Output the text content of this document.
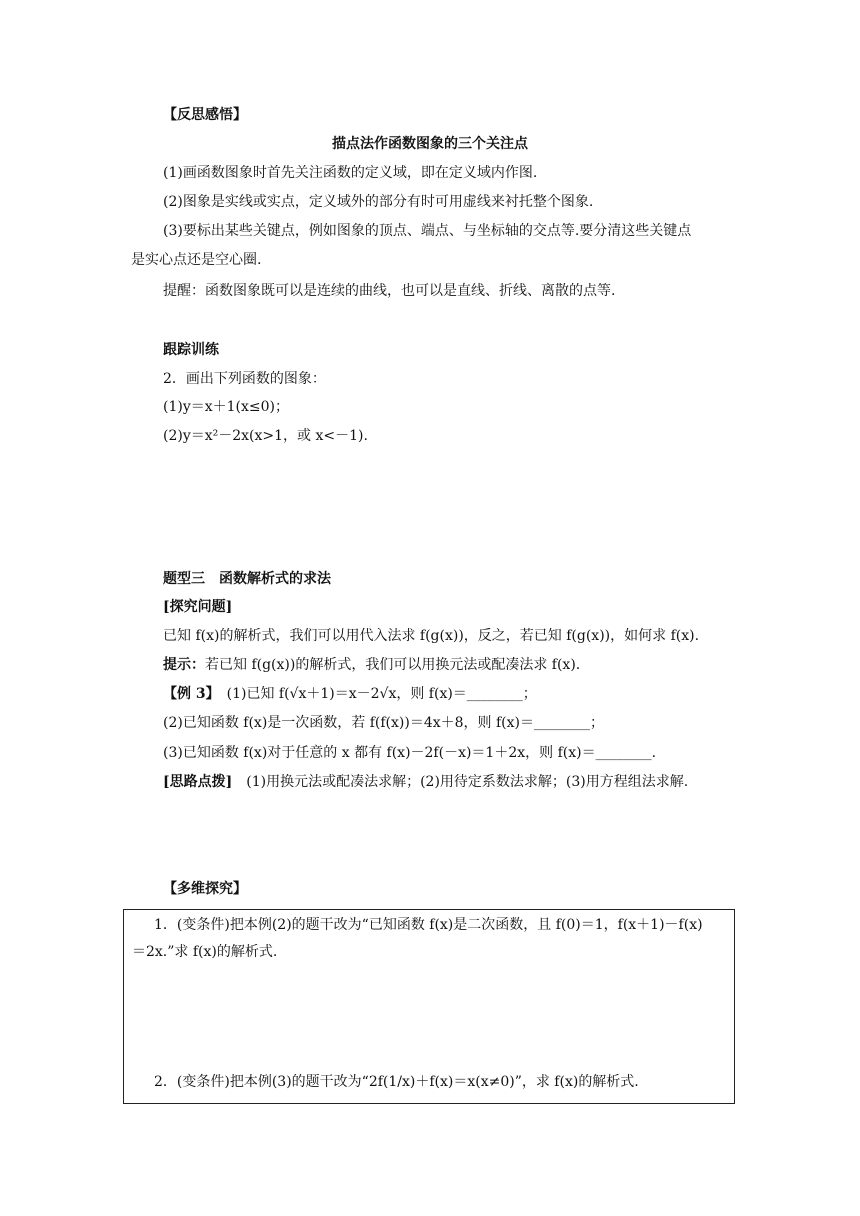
【反思感悟】
描点法作函数图象的三个关注点
(1)画函数图象时首先关注函数的定义域，即在定义域内作图.
(2)图象是实线或实点，定义域外的部分有时可用虚线来衬托整个图象.
(3)要标出某些关键点，例如图象的顶点、端点、与坐标轴的交点等.要分清这些关键点
是实心点还是空心圈.
提醒：函数图象既可以是连续的曲线，也可以是直线、折线、离散的点等.
跟踪训练
2．画出下列函数的图象：
(1)y＝x＋1(x≤0)；
(2)y＝x²－2x(x>1，或 x<－1).
题型三　函数解析式的求法
[探究问题]
已知 f(x)的解析式，我们可以用代入法求 f(g(x))，反之，若已知 f(g(x))，如何求 f(x).
提示：若已知 f(g(x))的解析式，我们可以用换元法或配凑法求 f(x).
【例 3】　 (1)已知 f(√x＋1)＝x－2√x，则 f(x)＝________；
(2)已知函数 f(x)是一次函数，若 f(f(x))＝4x＋8，则 f(x)＝________；
(3)已知函数 f(x)对于任意的 x 都有 f(x)－2f(－x)＝1＋2x，则 f(x)＝________.
[思路点拨]　 (1)用换元法或配凑法求解；(2)用待定系数法求解；(3)用方程组法求解.
【多维探究】
1．(变条件)把本例(2)的题干改为“已知函数 f(x)是二次函数，且 f(0)＝1，f(x＋1)－f(x)
＝2x.”求 f(x)的解析式.
2．(变条件)把本例(3)的题干改为“2f(1/x)＋f(x)＝x(x≠0)”，求 f(x)的解析式.
